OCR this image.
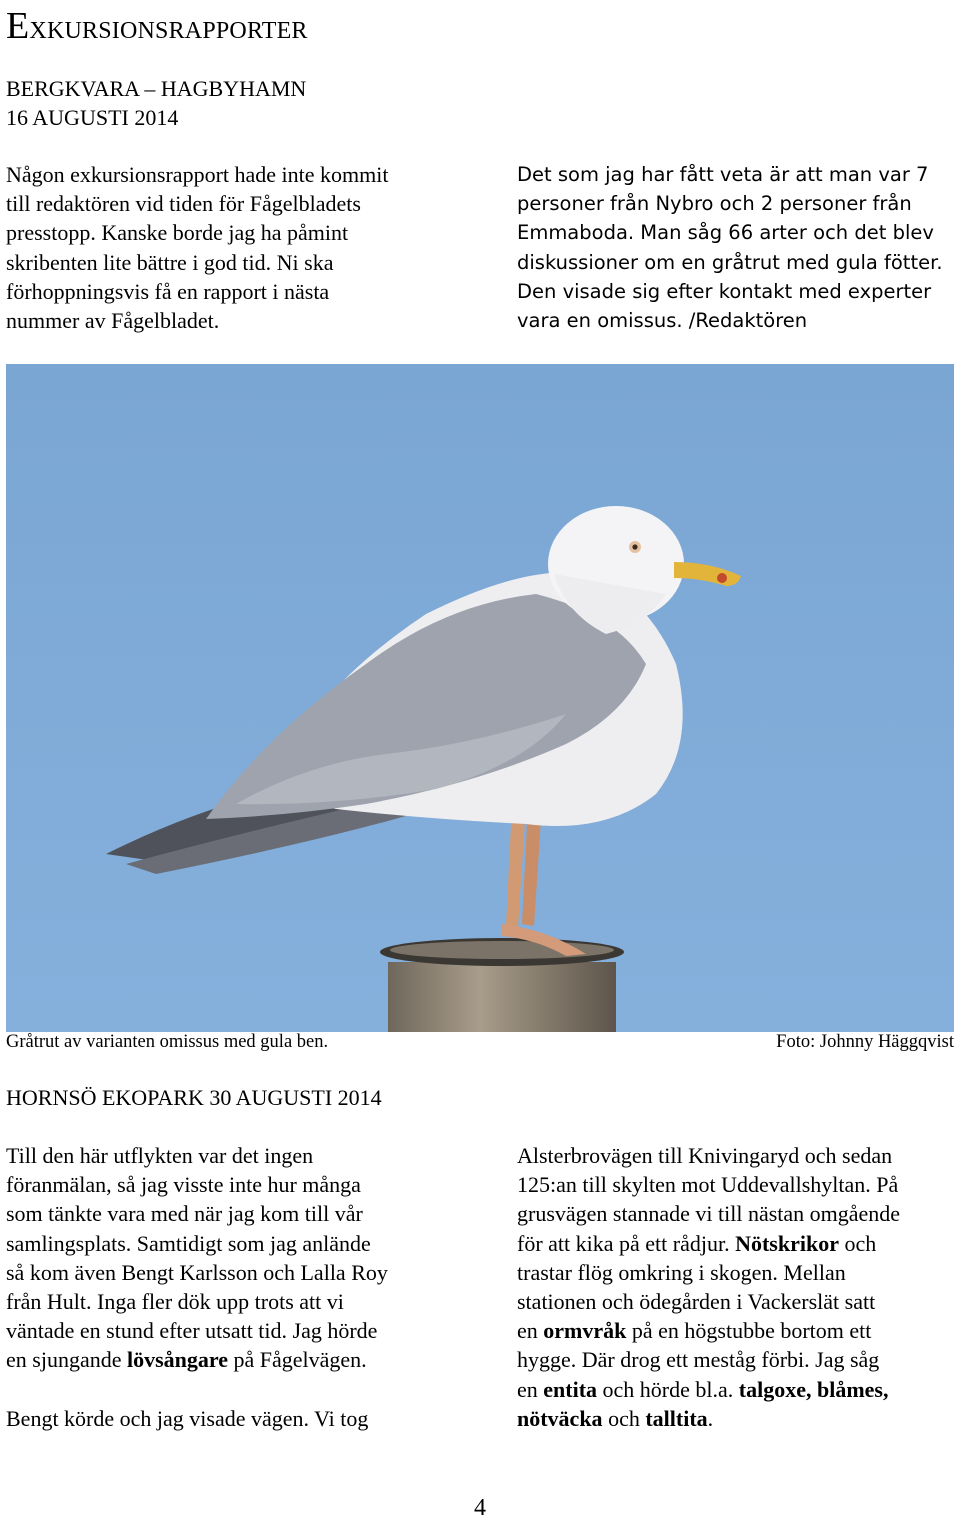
EXKURSIONSRAPPORTER
BERGKVARA – HAGBYHAMN
16 AUGUSTI 2014

Någon exkursionsrapport hade inte kommit

till redaktören vid tiden för Fågelbladets

presstopp. Kanske borde jag ha påmint

skribenten lite bättre i god tid. Ni ska

förhoppningsvis få en rapport i nästa

nummer av Fågelbladet.

Det som jag har fått veta är att man var 7

personer från Nybro och 2 personer från

Emmaboda. Man såg 66 arter och det blev

diskussioner om en gråtrut med gula fötter.

Den visade sig efter kontakt med experter

vara en omissus. /Redaktören

Gråtrut av varianten omissus med gula ben.	Foto: Johnny Häggqvist
HORNSÖ EKOPARK 30 AUGUSTI 2014

Till den här utflykten var det ingen

föranmälan, så jag visste inte hur många

som tänkte vara med när jag kom till vår

samlingsplats. Samtidigt som jag anlände

så kom även Bengt Karlsson och Lalla Roy

från Hult. Inga fler dök upp trots att vi

väntade en stund efter utsatt tid. Jag hörde

en sjungande lövsångare på Fågelvägen.

Bengt körde och jag visade vägen. Vi tog

Alsterbrovägen till Knivingaryd och sedan

125:an till skylten mot Uddevallshyltan. På

grusvägen stannade vi till nästan omgående

för att kika på ett rådjur. Nötskrikor och

trastar flög omkring i skogen. Mellan

stationen och ödegården i Vackerslät satt

en ormvråk på en högstubbe bortom ett

hygge. Där drog ett meståg förbi. Jag såg

en entita och hörde bl.a. talgoxe, blåmes,

nötväcka och talltita.

4
